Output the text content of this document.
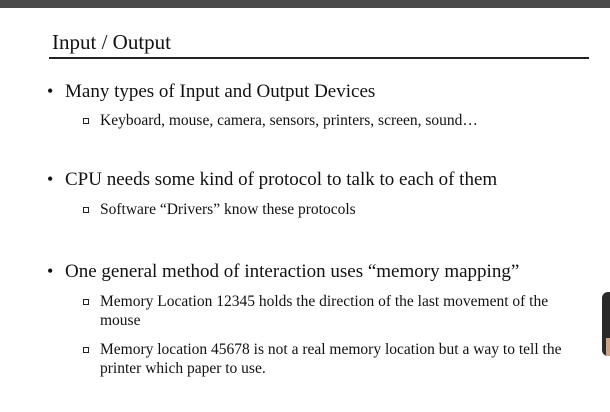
Input / Output
• Many types of Input and Output Devices
Keyboard, mouse, camera, sensors, printers, screen, sound…
• CPU needs some kind of protocol to talk to each of them
Software “Drivers” know these protocols
• One general method of interaction uses “memory mapping”
Memory Location 12345 holds the direction of the last movement of the mouse
Memory location 45678 is not a real memory location but a way to tell the printer which paper to use.
